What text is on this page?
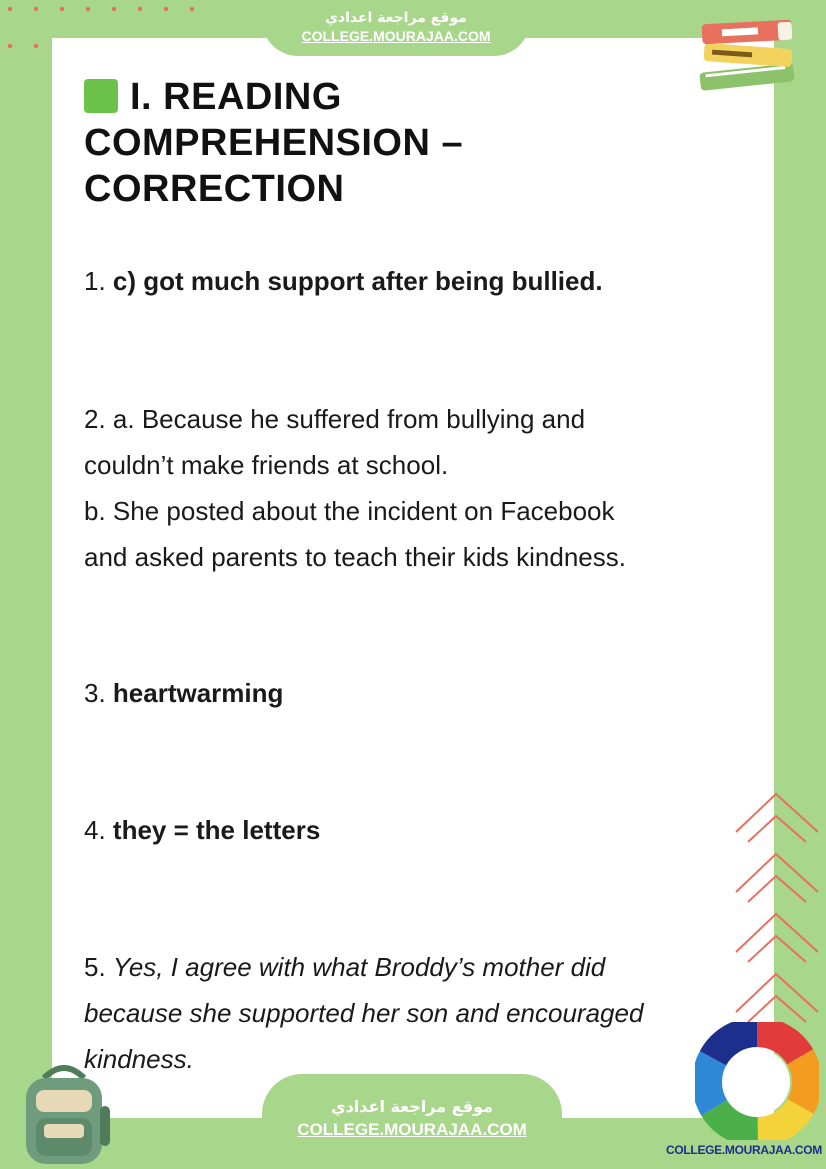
موقع مراجعة اعدادي
COLLEGE.MOURAJAA.COM
I. READING COMPREHENSION – CORRECTION
1. c) got much support after being bullied.
2. a. Because he suffered from bullying and
couldn’t make friends at school.
b. She posted about the incident on Facebook
and asked parents to teach their kids kindness.
3. heartwarming
4. they = the letters
5. Yes, I agree with what Broddy’s mother did
because she supported her son and encouraged
kindness.
موقع مراجعة اعدادي
COLLEGE.MOURAJAA.COM
COLLEGE.MOURAJAA.COM
